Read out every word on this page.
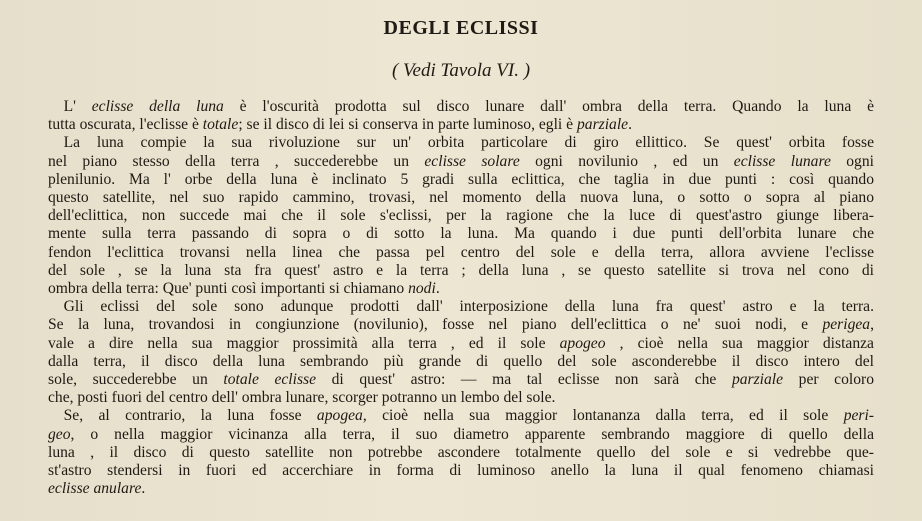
DEGLI ECLISSI
( Vedi Tavola VI. )
 L' eclisse della luna è l'oscurità prodotta sul disco lunare dall' ombra della terra. Quando la luna è
tutta oscurata, l'eclisse è totale; se il disco di lei si conserva in parte luminoso, egli è parziale.
 La luna compie la sua rivoluzione sur un' orbita particolare di giro ellittico. Se quest' orbita fosse
nel piano stesso della terra , succederebbe un eclisse solare ogni novilunio , ed un eclisse lunare ogni
plenilunio. Ma l' orbe della luna è inclinato 5 gradi sulla eclittica, che taglia in due punti : così quando
questo satellite, nel suo rapido cammino, trovasi, nel momento della nuova luna, o sotto o sopra al piano
dell'eclittica, non succede mai che il sole s'eclissi, per la ragione che la luce di quest'astro giunge libera-
mente sulla terra passando di sopra o di sotto la luna. Ma quando i due punti dell'orbita lunare che
fendon l'eclittica trovansi nella linea che passa pel centro del sole e della terra, allora avviene l'eclisse
del sole , se la luna sta fra quest' astro e la terra ; della luna , se questo satellite si trova nel cono di
ombra della terra: Que' punti così importanti si chiamano nodi.
 Gli eclissi del sole sono adunque prodotti dall' interposizione della luna fra quest' astro e la terra.
Se la luna, trovandosi in congiunzione (novilunio), fosse nel piano dell'eclittica o ne' suoi nodi, e perigea,
vale a dire nella sua maggior prossimità alla terra , ed il sole apogeo , cioè nella sua maggior distanza
dalla terra, il disco della luna sembrando più grande di quello del sole asconderebbe il disco intero del
sole, succederebbe un totale eclisse di quest' astro: — ma tal eclisse non sarà che parziale per coloro
che, posti fuori del centro dell' ombra lunare, scorger potranno un lembo del sole.
 Se, al contrario, la luna fosse apogea, cioè nella sua maggior lontananza dalla terra, ed il sole peri-
geo, o nella maggior vicinanza alla terra, il suo diametro apparente sembrando maggiore di quello della
luna , il disco di questo satellite non potrebbe ascondere totalmente quello del sole e si vedrebbe que-
st'astro stendersi in fuori ed accerchiare in forma di luminoso anello la luna il qual fenomeno chiamasi
eclisse anulare.
